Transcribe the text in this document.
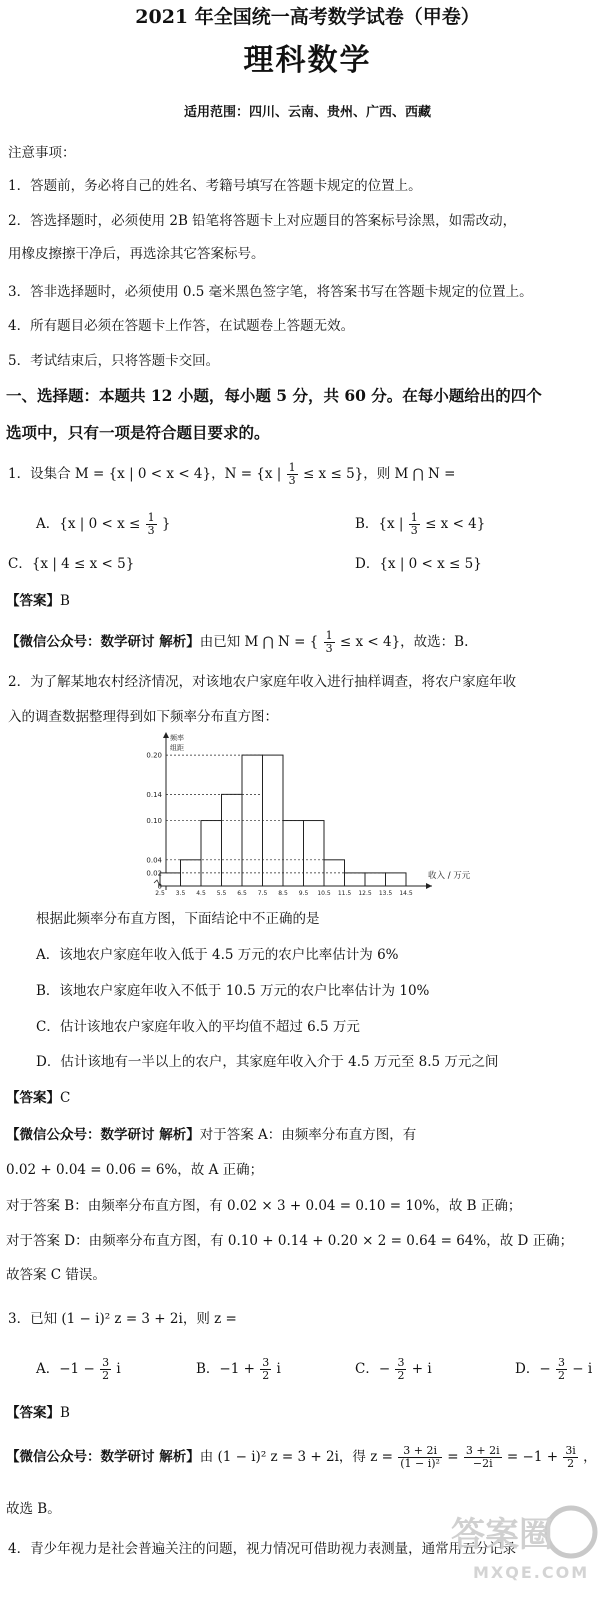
2021 年全国统一高考数学试卷（甲卷）
理科数学
适用范围：四川、云南、贵州、广西、西藏
注意事项：
1．答题前，务必将自己的姓名、考籍号填写在答题卡规定的位置上。
2．答选择题时，必须使用 2B 铅笔将答题卡上对应题目的答案标号涂黑，如需改动，
用橡皮擦擦干净后，再选涂其它答案标号。
3．答非选择题时，必须使用 0.5 毫米黑色签字笔，将答案书写在答题卡规定的位置上。
4．所有题目必须在答题卡上作答，在试题卷上答题无效。
5．考试结束后，只将答题卡交回。
一、选择题：本题共 12 小题，每小题 5 分，共 60 分。在每小题给出的四个
选项中，只有一项是符合题目要求的。
1．设集合 M = {x | 0 < x < 4}，N = {x | $\frac{1}{3} \le x \le 5$}，则 M ⋂ N =
A．{x | $0 < x \le \frac{1}{3}$ }	B．{x | $\frac{1}{3} \le x < 4$}
C．{x | 4 ≤ x < 5}	D．{x | 0 < x ≤ 5}
【答案】B
【微信公众号：数学研讨 解析】由已知 M ⋂ N = { $\frac{1}{3} \le x < 4$}，故选：B.
2．为了解某地农村经济情况，对该地农户家庭年收入进行抽样调查，将农户家庭年收
入的调查数据整理得到如下频率分布直方图：
频率
组距
0
0.02
0.04
0.10
0.14
0.20
2.5 3.5 4.5 5.5 6.5 7.5 8.5 9.5 10.5 11.5 12.5 13.5 14.5
收入 / 万元
根据此频率分布直方图，下面结论中不正确的是
A．该地农户家庭年收入低于 4.5 万元的农户比率估计为 6%
B．该地农户家庭年收入不低于 10.5 万元的农户比率估计为 10%
C．估计该地农户家庭年收入的平均值不超过 6.5 万元
D．估计该地有一半以上的农户，其家庭年收入介于 4.5 万元至 8.5 万元之间
【答案】C
【微信公众号：数学研讨 解析】对于答案 A：由频率分布直方图，有
0.02 + 0.04 = 0.06 = 6%，故 A 正确；
对于答案 B：由频率分布直方图，有 0.02 × 3 + 0.04 = 0.10 = 10%，故 B 正确；
对于答案 D：由频率分布直方图，有 0.10 + 0.14 + 0.20 × 2 = 0.64 = 64%，故 D 正确；
故答案 C 错误。
3．已知 (1 − i)² z = 3 + 2i，则 z =
A．$-1 - \frac{3}{2}$ i	B．$-1 + \frac{3}{2}$ i	C．− $\frac{3}{2} + i$	D．− $\frac{3}{2} - i$
【答案】B
【微信公众号：数学研讨 解析】由 (1 − i)² z = 3 + 2i，得 $z = \frac{3 + 2i}{\text{(1 − i)²}} = \frac{3 + 2i}{-2i} = -1 + \frac{3i}{2}$ ，
故选 B。
4．青少年视力是社会普遍关注的问题，视力情况可借助视力表测量，通常用五分记录
答案圈
MXQE.COM
